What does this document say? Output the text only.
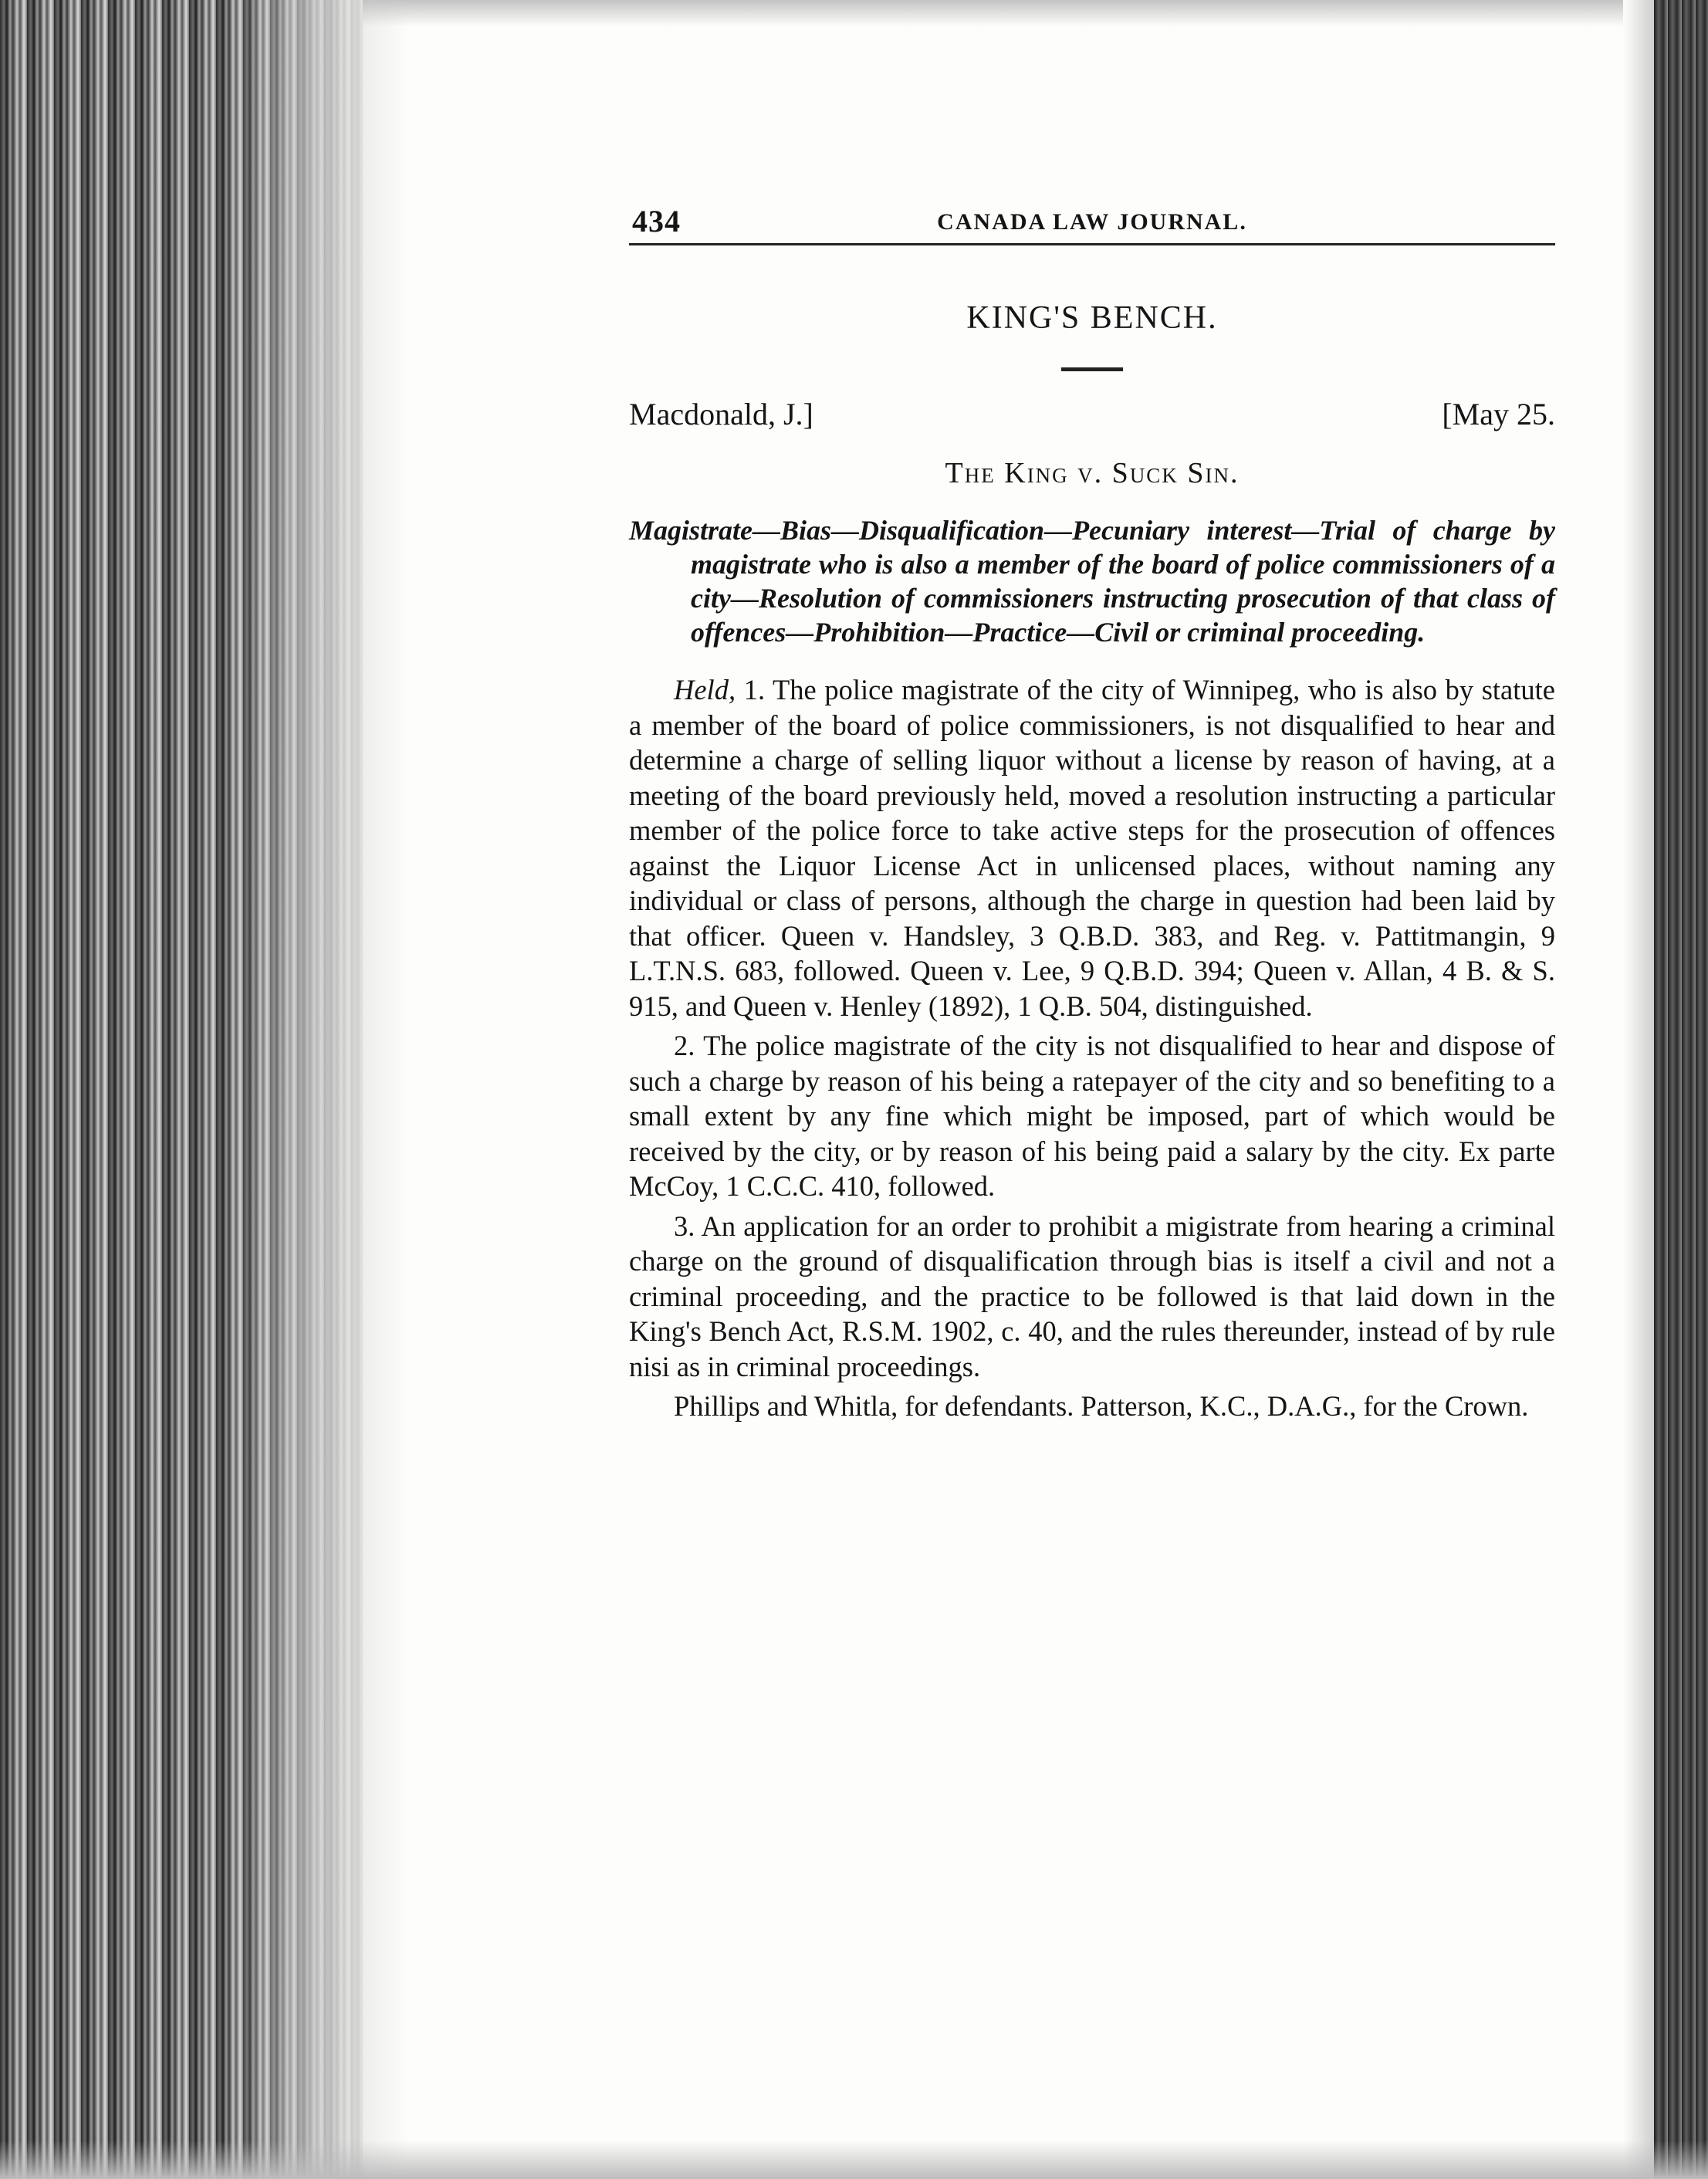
434	CANADA LAW JOURNAL.
KING'S BENCH.
Macdonald, J.]	[May 25.
The King v. Suck Sin.
Magistrate—Bias—Disqualification—Pecuniary interest—Trial of charge by magistrate who is also a member of the board of police commissioners of a city—Resolution of commissioners instructing prosecution of that class of offences—Prohibition—Practice—Civil or criminal proceeding.

Held, 1. The police magistrate of the city of Winnipeg, who is also by statute a member of the board of police commissioners, is not disqualified to hear and determine a charge of selling liquor without a license by reason of having, at a meeting of the board previously held, moved a resolution instructing a particular member of the police force to take active steps for the prosecution of offences against the Liquor License Act in unlicensed places, without naming any individual or class of persons, although the charge in question had been laid by that officer. Queen v. Handsley, 3 Q.B.D. 383, and Reg. v. Pattitmangin, 9 L.T.N.S. 683, followed. Queen v. Lee, 9 Q.B.D. 394; Queen v. Allan, 4 B. & S. 915, and Queen v. Henley (1892), 1 Q.B. 504, distinguished.

2. The police magistrate of the city is not disqualified to hear and dispose of such a charge by reason of his being a ratepayer of the city and so benefiting to a small extent by any fine which might be imposed, part of which would be received by the city, or by reason of his being paid a salary by the city. Ex parte McCoy, 1 C.C.C. 410, followed.

3. An application for an order to prohibit a migistrate from hearing a criminal charge on the ground of disqualification through bias is itself a civil and not a criminal proceeding, and the practice to be followed is that laid down in the King's Bench Act, R.S.M. 1902, c. 40, and the rules thereunder, instead of by rule nisi as in criminal proceedings.

Phillips and Whitla, for defendants. Patterson, K.C., D.A.G., for the Crown.
